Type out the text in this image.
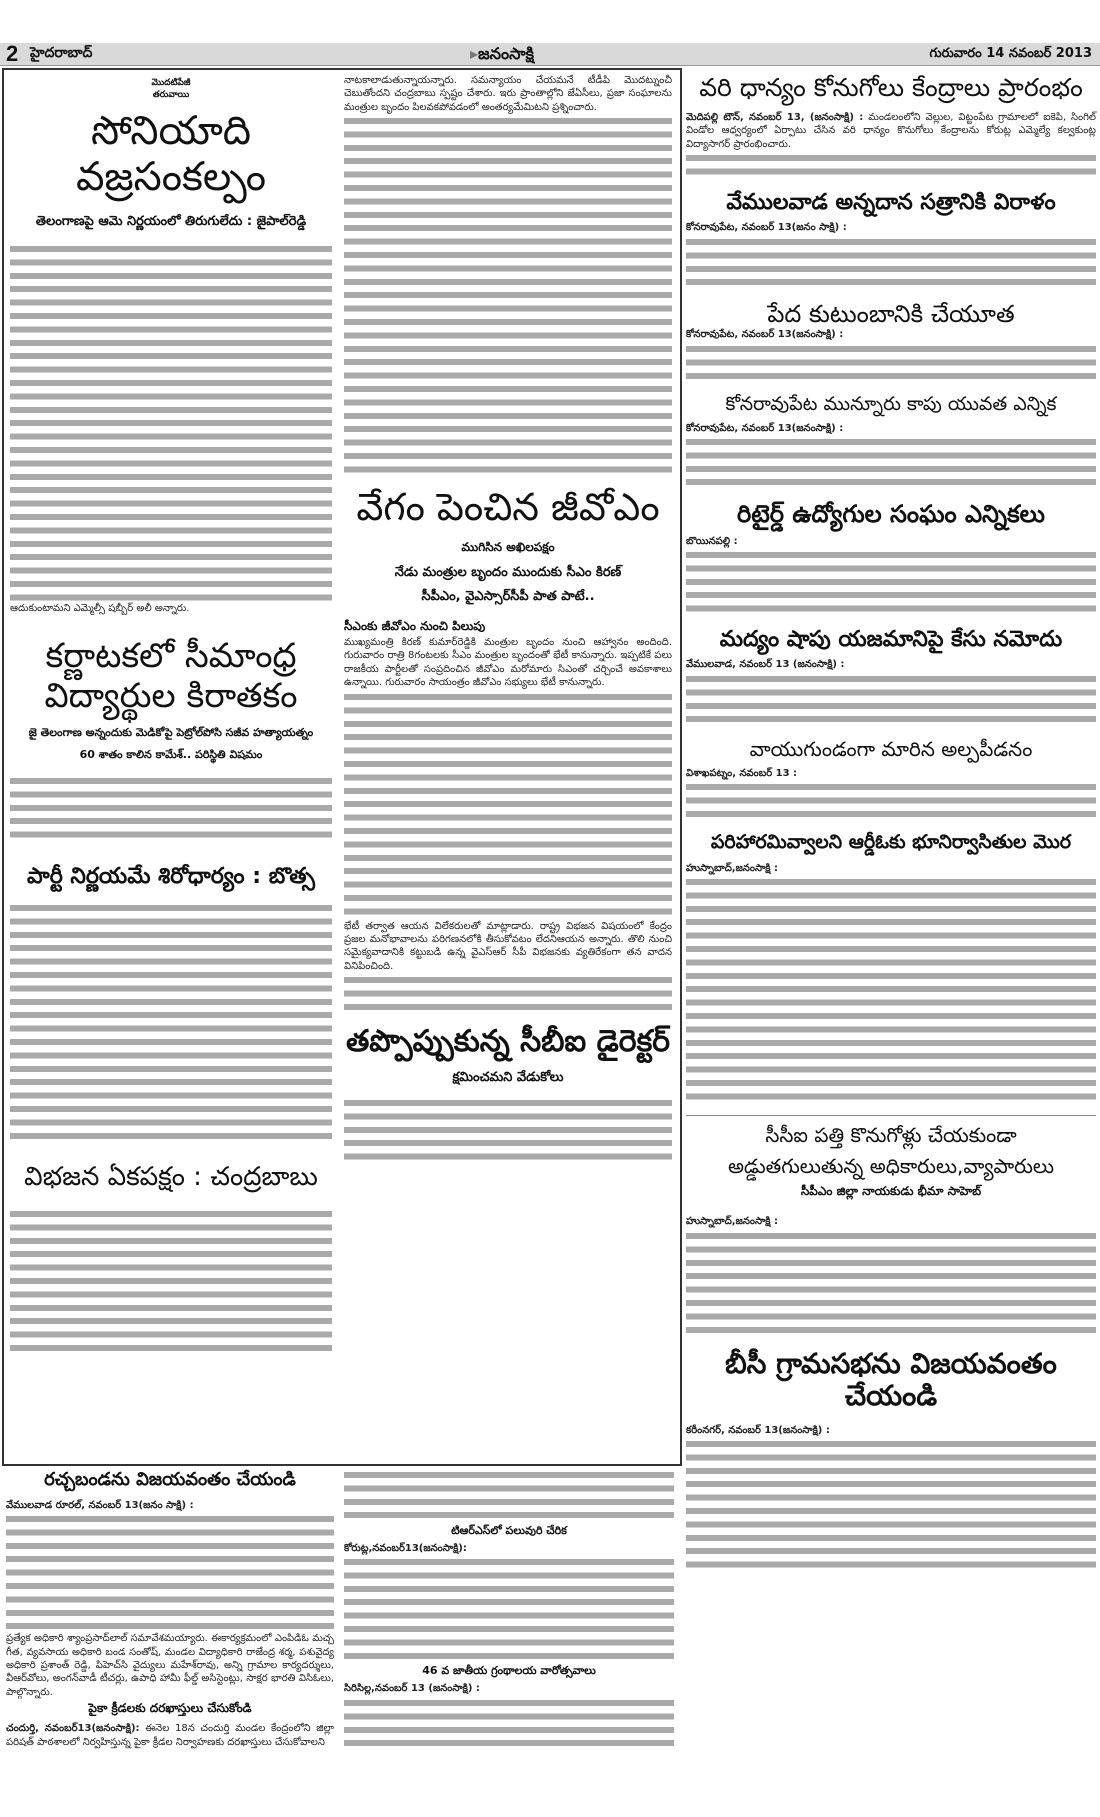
2 హైదరాబాద్	▸జనంసాక్షి	గురువారం 14 నవంబర్ 2013
మొదటిపేజీ
తరువాయి
సోనియాది వజ్రసంకల్పం
తెలంగాణపై ఆమె నిర్ణయంలో తిరుగులేదు : జైపాల్‌రెడ్డి
ఆదుకుంటామని ఎమ్మెల్సీ షబ్బీర్ అలీ అన్నారు.
కర్ణాటకలో సీమాంధ్ర
విద్యార్థుల కిరాతకం
జై తెలంగాణ అన్నందుకు మెడికోపై పెట్రోల్‌పోసి సజీవ హత్యాయత్నం
60 శాతం కాలిన కామేశ్.. పరిస్థితి విషమం
పార్టీ నిర్ణయమే శిరోధార్యం : బొత్స
విభజన ఏకపక్షం : చంద్రబాబు
నాటకాలాడుతున్నాయన్నారు. సమన్యాయం చేయమనే టీడీపి మొదట్నుంచీ చెబుతోందని చంద్రబాబు స్పష్టం చేశారు. ఇరు ప్రాంతాల్లోని జేఏసీలు, ప్రజా సంఘాలను మంత్రుల బృందం పిలవకపోవడంలో అంతర్యమేమిటని ప్రశ్నించారు.
వేగం పెంచిన జీవోఎం
ముగిసిన అఖిలపక్షం
నేడు మంత్రుల బృందం ముందుకు సీఎం కిరణ్
సీపీఎం, వైఎస్సార్‌సీపీ పాత పాటే..
సీఎంకు జీవోఎం నుంచి పిలుపు
ముఖ్యమంత్రి కిరణ్ కుమార్‌రెడ్డికి మంత్రుల బృందం నుంచి ఆహ్వానం అందింది. గురువారం రాత్రి 8గంటలకు సీఎం మంత్రుల బృందంతో భేటీ కానున్నారు. ఇప్పటికే పలు రాజకీయ పార్టీలతో సంప్రదించిన జీవోఎం మరోమారు సిఎంతో చర్చించే అవకాశాలు ఉన్నాయి. గురువారం సాయంత్రం జీవోఎం సభ్యులు భేటీ కానున్నారు.
భేటీ తర్వాత ఆయన విలేకరులతో మాట్లాడారు. రాష్ట్ర విభజన విషయంలో కేంద్రం ప్రజల మనోభావాలను పరిగణనలోకి తీసుకోవటం లేదనిఆయన అన్నారు. తొలి నుంచి సమైక్యవాదానికి కట్టుబడి ఉన్న వైఎస్ఆర్ సీపీ విభజనకు వ్యతిరేకంగా తన వాదన వినిపించింది.
తప్పొప్పుకున్న సీబీఐ డైరెక్టర్
క్షమించమని వేడుకోలు
వరి ధాన్యం కోనుగోలు కేంద్రాలు ప్రారంభం
మెదిపల్లి టౌన్, నవంబర్ 13, (జనంసాక్షి) : మండలంలోని వెల్లుల, విట్టంపేట గ్రామాలలో ఐకెపి, సింగిల్ విండోల ఆధ్వర్యంలో ఏర్పాటు చేసిన వరి ధాన్యం కొనుగోలు కేంద్రాలను కోరుట్ల ఎమ్మెల్యే కల్వకుంట్ల విద్యాసాగర్ ప్రారంభించారు.
వేములవాడ అన్నదాన సత్రానికి విరాళం
కోనరావుపేట, నవంబర్ 13(జనం సాక్షి) :
పేద కుటుంబానికి చేయూత
కోనరావుపేట, నవంబర్ 13(జనంసాక్షి) :
కోనరావుపేట మున్నూరు కాపు యువత ఎన్నిక
కోనరావుపేట, నవంబర్ 13(జనంసాక్షి) :
రిటైర్డ్ ఉద్యోగుల సంఘం ఎన్నికలు
బొయినపల్లి :
మద్యం షాపు యజమానిపై కేసు నమోదు
వేములవాడ, నవంబర్ 13 (జనంసాక్షి) :
వాయుగుండంగా మారిన అల్పపీడనం
విశాఖపట్నం, నవంబర్ 13 :
పరిహారమివ్వాలని ఆర్డీఓకు భూనిర్వాసితుల మొర
హుస్నాబాద్,జనంసాక్షి :
సీసీఐ పత్తి కొనుగోళ్లు చేయకుండా
అడ్డుతగులుతున్న అధికారులు,వ్యాపారులు
సీపీఎం జిల్లా నాయకుడు భీమా సాహెబ్
హుస్నాబాద్,జనంసాక్షి :
బీసీ గ్రామసభను విజయవంతం చేయండి
కరీంనగర్, నవంబర్ 13(జనంసాక్షి) :
రచ్చబండను విజయవంతం చేయండి
వేములవాడ రూరల్, నవంబర్ 13(జనం సాక్షి) :
ప్రత్యేక అధికారి శ్యాంప్రసాద్‌లాల్ సమావేశమయ్యారు. ఈకార్యక్రమంలో ఎంపిడిఓ మచ్చ గీత, వ్యవసాయ అధికారి బండ సంతోష్, మండల విద్యాధికారి రాజేంద్ర శర్మ, పశువైద్య అధికారి ప్రశాంత్ రెడ్డి, పిహెచ్‌సి వైద్యులు మహేశ్‌రావు, అన్ని గ్రామాల కార్యదర్శులు, వీఆర్‌వోలు, అంగన్‌వాడీ టీచర్లు, ఉపాధి హామీ ఫీల్డ్ అసిస్టెంట్లు, సాక్షర భారతి విసిఓలు, పాల్గొన్నారు.
పైకా క్రీడలకు దరఖాస్తులు చేసుకోండి
చందుర్తి, నవంబర్13(జనంసాక్షి): ఈనెల 18న చందుర్తి మండల కేంద్రంలోని జిల్లా పరిషత్ పాఠశాలలో నిర్వహిస్తున్న పైకా క్రీడల నిర్వాహణకు దరఖాస్తులు చేసుకోవాలని
టిఆర్ఎస్‌లో పలువురి చేరిక
కోరుట్ల,నవంబర్13(జనంసాక్షి):
46 వ జాతీయ గ్రంథాలయ వారోత్సవాలు
సిరిసిల్ల,నవంబర్ 13 (జనంసాక్షి) :
